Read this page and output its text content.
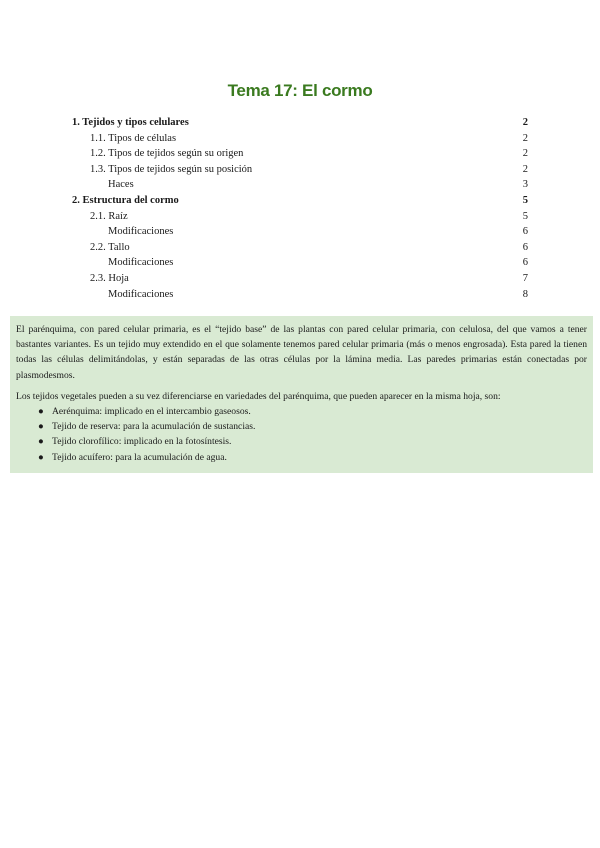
Tema 17: El cormo
1. Tejidos y tipos celulares	2
1.1. Tipos de células	2
1.2. Tipos de tejidos según su origen	2
1.3. Tipos de tejidos según su posición	2
Haces	3
2. Estructura del cormo	5
2.1. Raíz	5
Modificaciones	6
2.2. Tallo	6
Modificaciones	6
2.3. Hoja	7
Modificaciones	8

El parénquima, con pared celular primaria, es el “tejido base” de las plantas con pared celular primaria, con celulosa, del que vamos a tener bastantes variantes. Es un tejido muy extendido en el que solamente tenemos pared celular primaria (más o menos engrosada). Esta pared la tienen todas las células delimitándolas, y están separadas de las otras células por la lámina media. Las paredes primarias están conectadas por plasmodesmos.

Los tejidos vegetales pueden a su vez diferenciarse en variedades del parénquima, que pueden aparecer en la misma hoja, son:

● Aerénquima: implicado en el intercambio gaseosos.
● Tejido de reserva: para la acumulación de sustancias.
● Tejido clorofílico: implicado en la fotosíntesis.
● Tejido acuífero: para la acumulación de agua.
